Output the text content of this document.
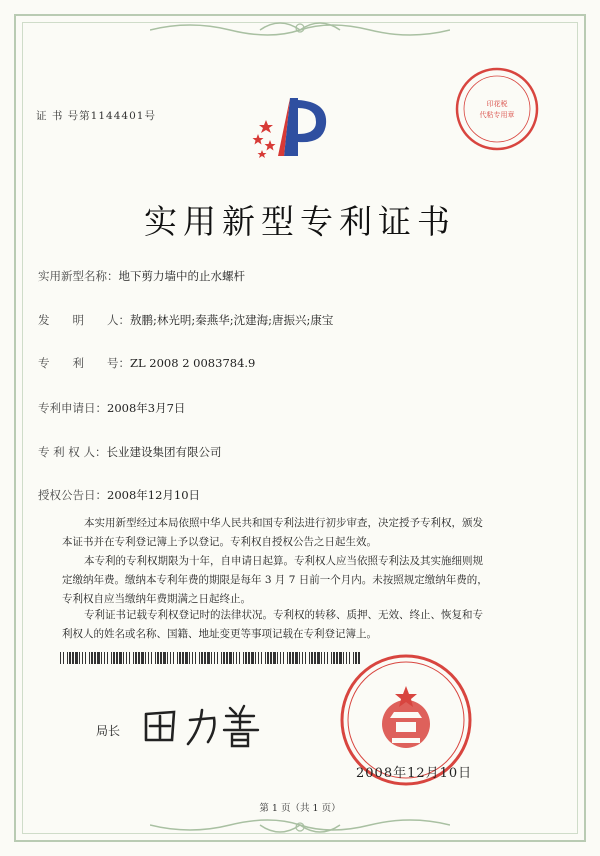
证 书 号第1144401号
印花税
代粘专用章
实用新型专利证书
实用新型名称：地下剪力墙中的止水螺杆
发　　明　　人：敖鹏;林光明;秦燕华;沈建海;唐振兴;康宝
专　　利　　号：ZL 2008 2 0083784.9
专利申请日：2008年3月7日
专 利 权 人：长业建设集团有限公司
授权公告日：2008年12月10日
本实用新型经过本局依照中华人民共和国专利法进行初步审查，决定授予专利权，颁发
本证书并在专利登记簿上予以登记。专利权自授权公告之日起生效。
本专利的专利权期限为十年，自申请日起算。专利权人应当依照专利法及其实施细则规
定缴纳年费。缴纳本专利年费的期限是每年 3 月 7 日前一个月内。未按照规定缴纳年费的，
专利权自应当缴纳年费期满之日起终止。
专利证书记载专利权登记时的法律状况。专利权的转移、质押、无效、终止、恢复和专
利权人的姓名或名称、国籍、地址变更等事项记载在专利登记簿上。
局长
2008年12月10日
第 1 页（共 1 页）
